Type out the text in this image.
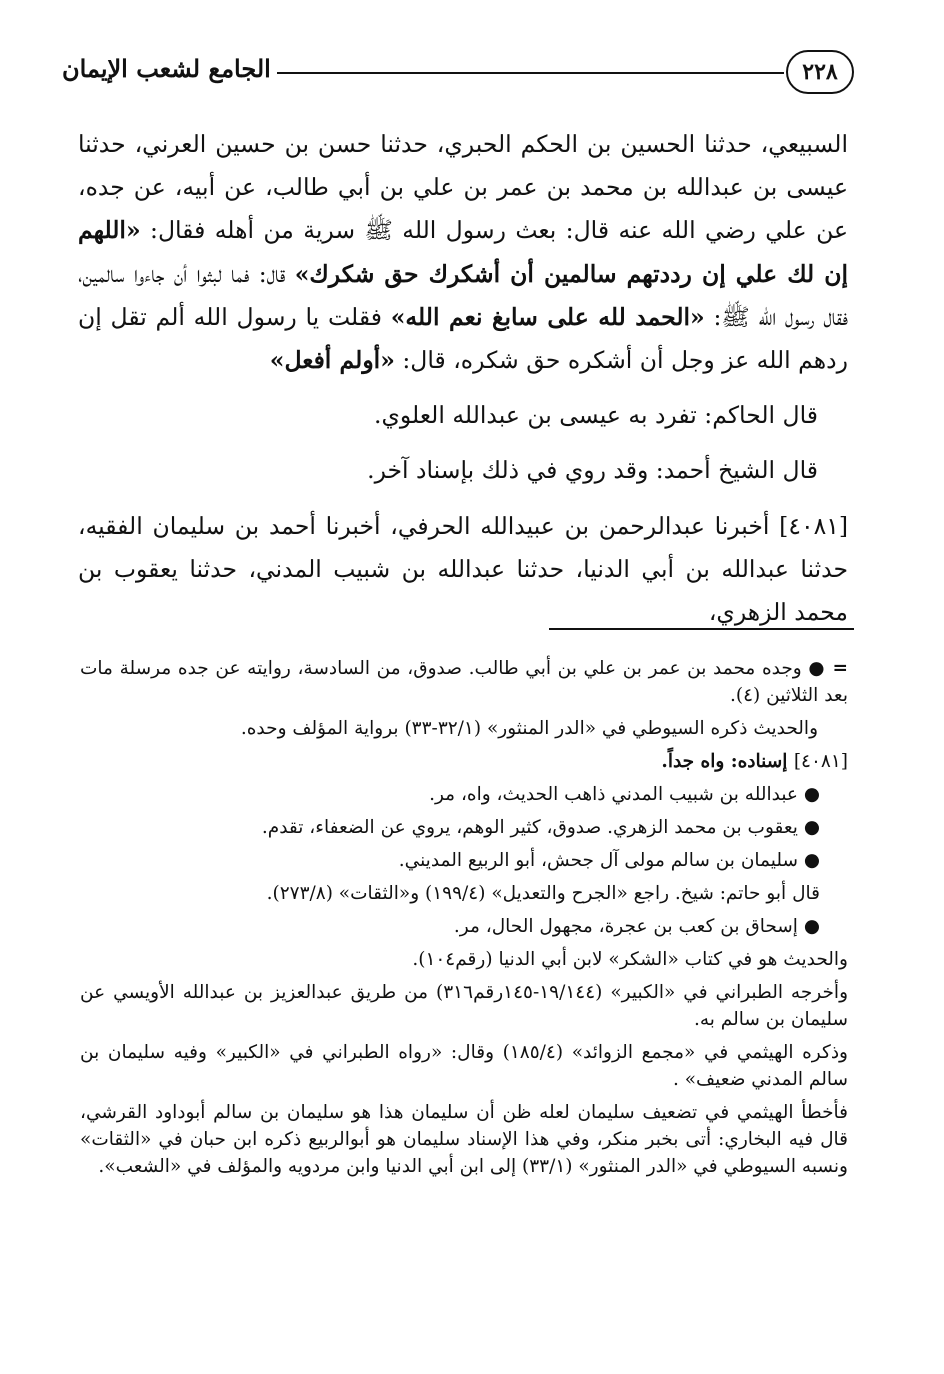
٢٢٨
الجامع لشعب الإيمان

السبيعي، حدثنا الحسين بن الحكم الحبري، حدثنا حسن بن حسين العرني، حدثنا عيسى بن عبدالله بن محمد بن عمر بن علي بن أبي طالب، عن أبيه، عن جده، عن علي رضي الله عنه قال: بعث رسول الله ﷺ سرية من أهله فقال: «اللهم إن لك علي إن رددتهم سالمين أن أشكرك حق شكرك» قال: فما لبثوا أن جاءوا سالمين، فقال رسول الله ﷺ: «الحمد لله على سابغ نعم الله» فقلت يا رسول الله ألم تقل إن ردهم الله عز وجل أن أشكره حق شكره، قال: «أولم أفعل»

قال الحاكم: تفرد به عيسى بن عبدالله العلوي.

قال الشيخ أحمد: وقد روي في ذلك بإسناد آخر.

[٤٠٨١] أخبرنا عبدالرحمن بن عبيدالله الحرفي، أخبرنا أحمد بن سليمان الفقيه، حدثنا عبدالله بن أبي الدنيا، حدثنا عبدالله بن شبيب المدني، حدثنا يعقوب بن محمد الزهري،

= ● وجده محمد بن عمر بن علي بن أبي طالب. صدوق، من السادسة، روايته عن جده مرسلة مات بعد الثلاثين (٤).

والحديث ذكره السيوطي في «الدر المنثور» (٣٢/١-٣٣) برواية المؤلف وحده.

[٤٠٨١] إسناده: واه جداً.

● عبدالله بن شبيب المدني ذاهب الحديث، واه، مر.

● يعقوب بن محمد الزهري. صدوق، كثير الوهم، يروي عن الضعفاء، تقدم.

● سليمان بن سالم مولى آل جحش، أبو الربيع المديني.

قال أبو حاتم: شيخ. راجع «الجرح والتعديل» (١٩٩/٤) و«الثقات» (٢٧٣/٨).

● إسحاق بن كعب بن عجرة، مجهول الحال، مر.

والحديث هو في كتاب «الشكر» لابن أبي الدنيا (رقم١٠٤).

وأخرجه الطبراني في «الكبير» (١٩/١٤٤-١٤٥رقم٣١٦) من طريق عبدالعزيز بن عبدالله الأويسي عن سليمان بن سالم به.

وذكره الهيثمي في «مجمع الزوائد» (١٨٥/٤) وقال: «رواه الطبراني في «الكبير» وفيه سليمان بن سالم المدني ضعيف» .

فأخطأ الهيثمي في تضعيف سليمان لعله ظن أن سليمان هذا هو سليمان بن سالم أبوداود القرشي، قال فيه البخاري: أتى بخبر منكر، وفي هذا الإسناد سليمان هو أبوالربيع ذكره ابن حبان في «الثقات» ونسبه السيوطي في «الدر المنثور» (٣٣/١) إلى ابن أبي الدنيا وابن مردويه والمؤلف في «الشعب».
